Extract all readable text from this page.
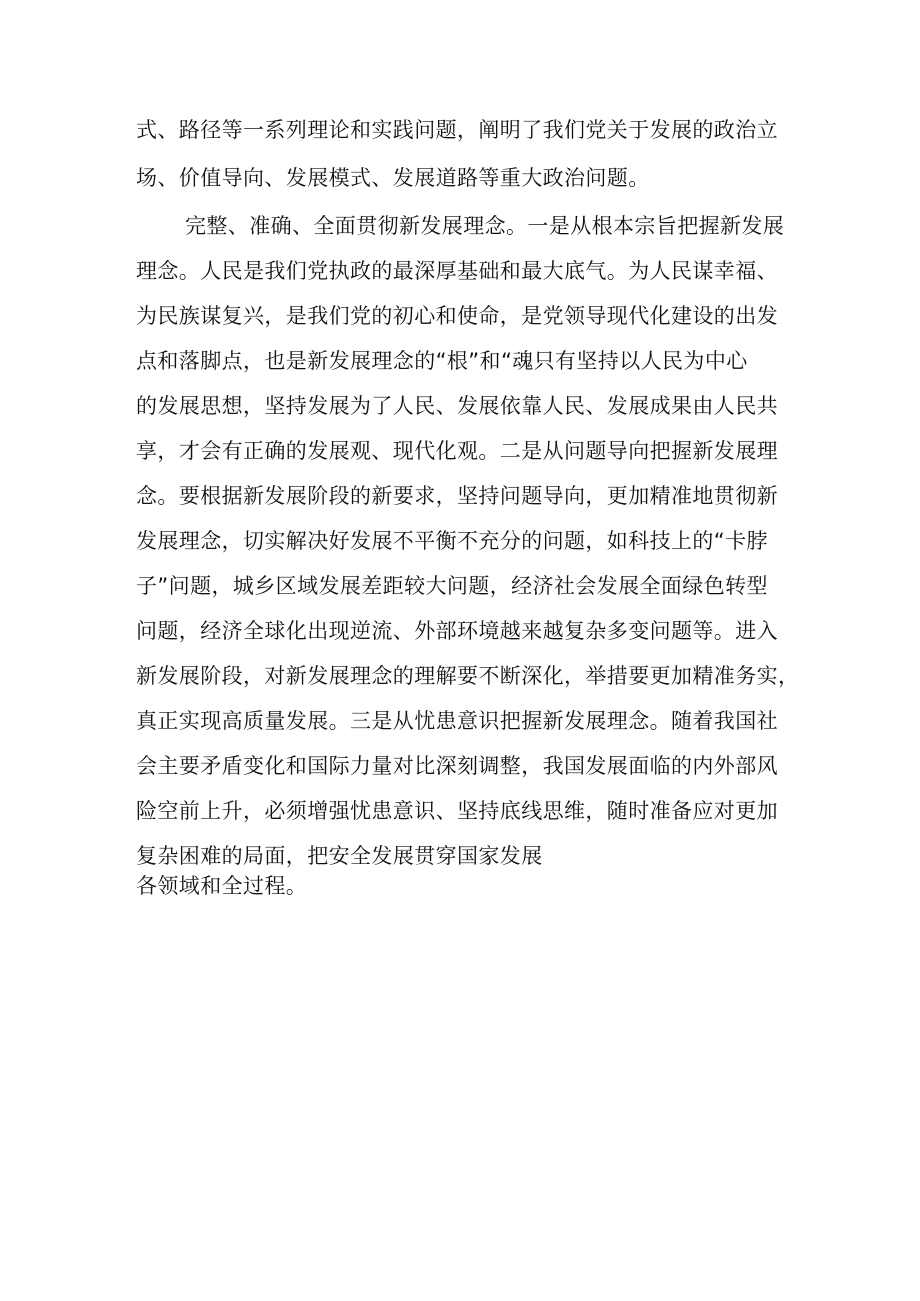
式、路径等一系列理论和实践问题，阐明了我们党关于发展的政治立
场、价值导向、发展模式、发展道路等重大政治问题。
完整、准确、全面贯彻新发展理念。一是从根本宗旨把握新发展
理念。人民是我们党执政的最深厚基础和最大底气。为人民谋幸福、
为民族谋复兴，是我们党的初心和使命，是党领导现代化建设的出发
点和落脚点，也是新发展理念的“根”和“魂只有坚持以人民为中心
的发展思想，坚持发展为了人民、发展依靠人民、发展成果由人民共
享，才会有正确的发展观、现代化观。二是从问题导向把握新发展理
念。要根据新发展阶段的新要求，坚持问题导向，更加精准地贯彻新
发展理念，切实解决好发展不平衡不充分的问题，如科技上的“卡脖
子”问题，城乡区域发展差距较大问题，经济社会发展全面绿色转型
问题，经济全球化出现逆流、外部环境越来越复杂多变问题等。进入
新发展阶段，对新发展理念的理解要不断深化，举措要更加精准务实，
真正实现高质量发展。三是从忧患意识把握新发展理念。随着我国社
会主要矛盾变化和国际力量对比深刻调整，我国发展面临的内外部风
险空前上升，必须增强忧患意识、坚持底线思维，随时准备应对更加
复杂困难的局面，把安全发展贯穿国家发展
各领域和全过程。
